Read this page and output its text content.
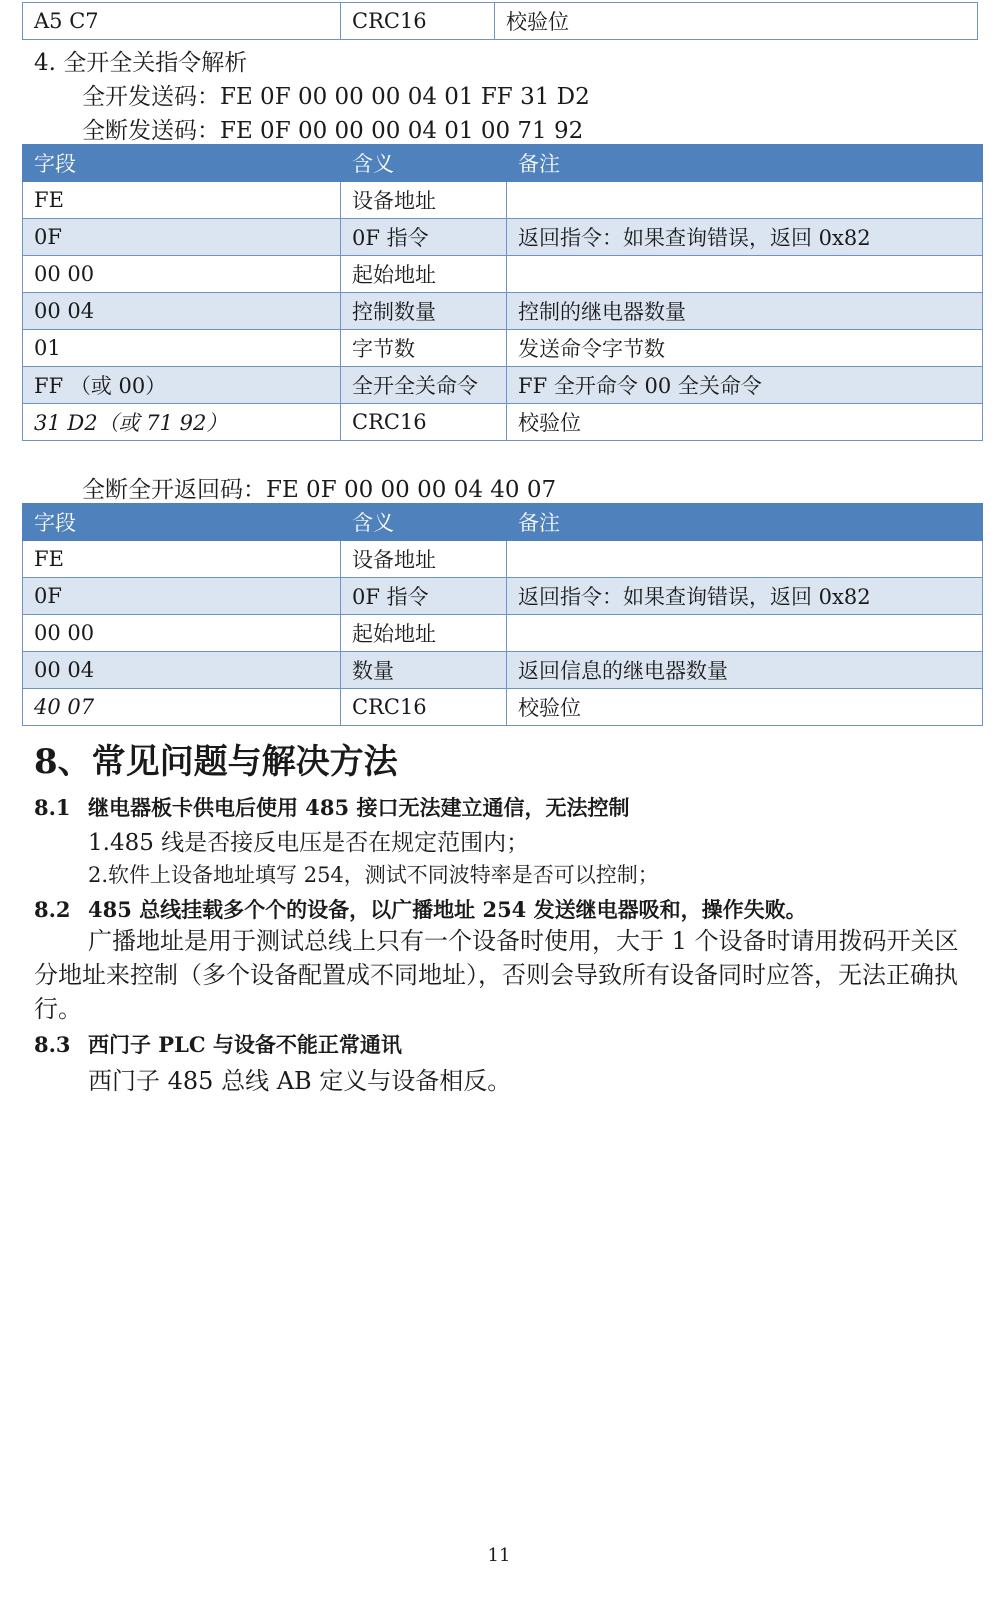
A5 C7	CRC16	校验位
4. 全开全关指令解析
全开发送码：FE 0F 00 00 00 04 01 FF 31 D2
全断发送码：FE 0F 00 00 00 04 01 00 71 92
字段	含义	备注
FE	设备地址	
0F	0F 指令	返回指令：如果查询错误，返回 0x82
00 00	起始地址	
00 04	控制数量	控制的继电器数量
01	字节数	发送命令字节数
FF （或 00）	全开全关命令	FF 全开命令 00 全关命令
31 D2（或 71 92）	CRC16	校验位
全断全开返回码：FE 0F 00 00 00 04 40 07
字段	含义	备注
FE	设备地址	
0F	0F 指令	返回指令：如果查询错误，返回 0x82
00 00	起始地址	
00 04	数量	返回信息的继电器数量
40 07	CRC16	校验位
8、常见问题与解决方法
8.1 继电器板卡供电后使用 485 接口无法建立通信，无法控制
1.485 线是否接反电压是否在规定范围内；
2.软件上设备地址填写 254，测试不同波特率是否可以控制；
8.2 485 总线挂载多个个的设备，以广播地址 254 发送继电器吸和，操作失败。
广播地址是用于测试总线上只有一个设备时使用，大于 1 个设备时请用拨码开关区分地址来控制（多个设备配置成不同地址），否则会导致所有设备同时应答，无法正确执行。
8.3 西门子 PLC 与设备不能正常通讯
西门子 485 总线 AB 定义与设备相反。
11
